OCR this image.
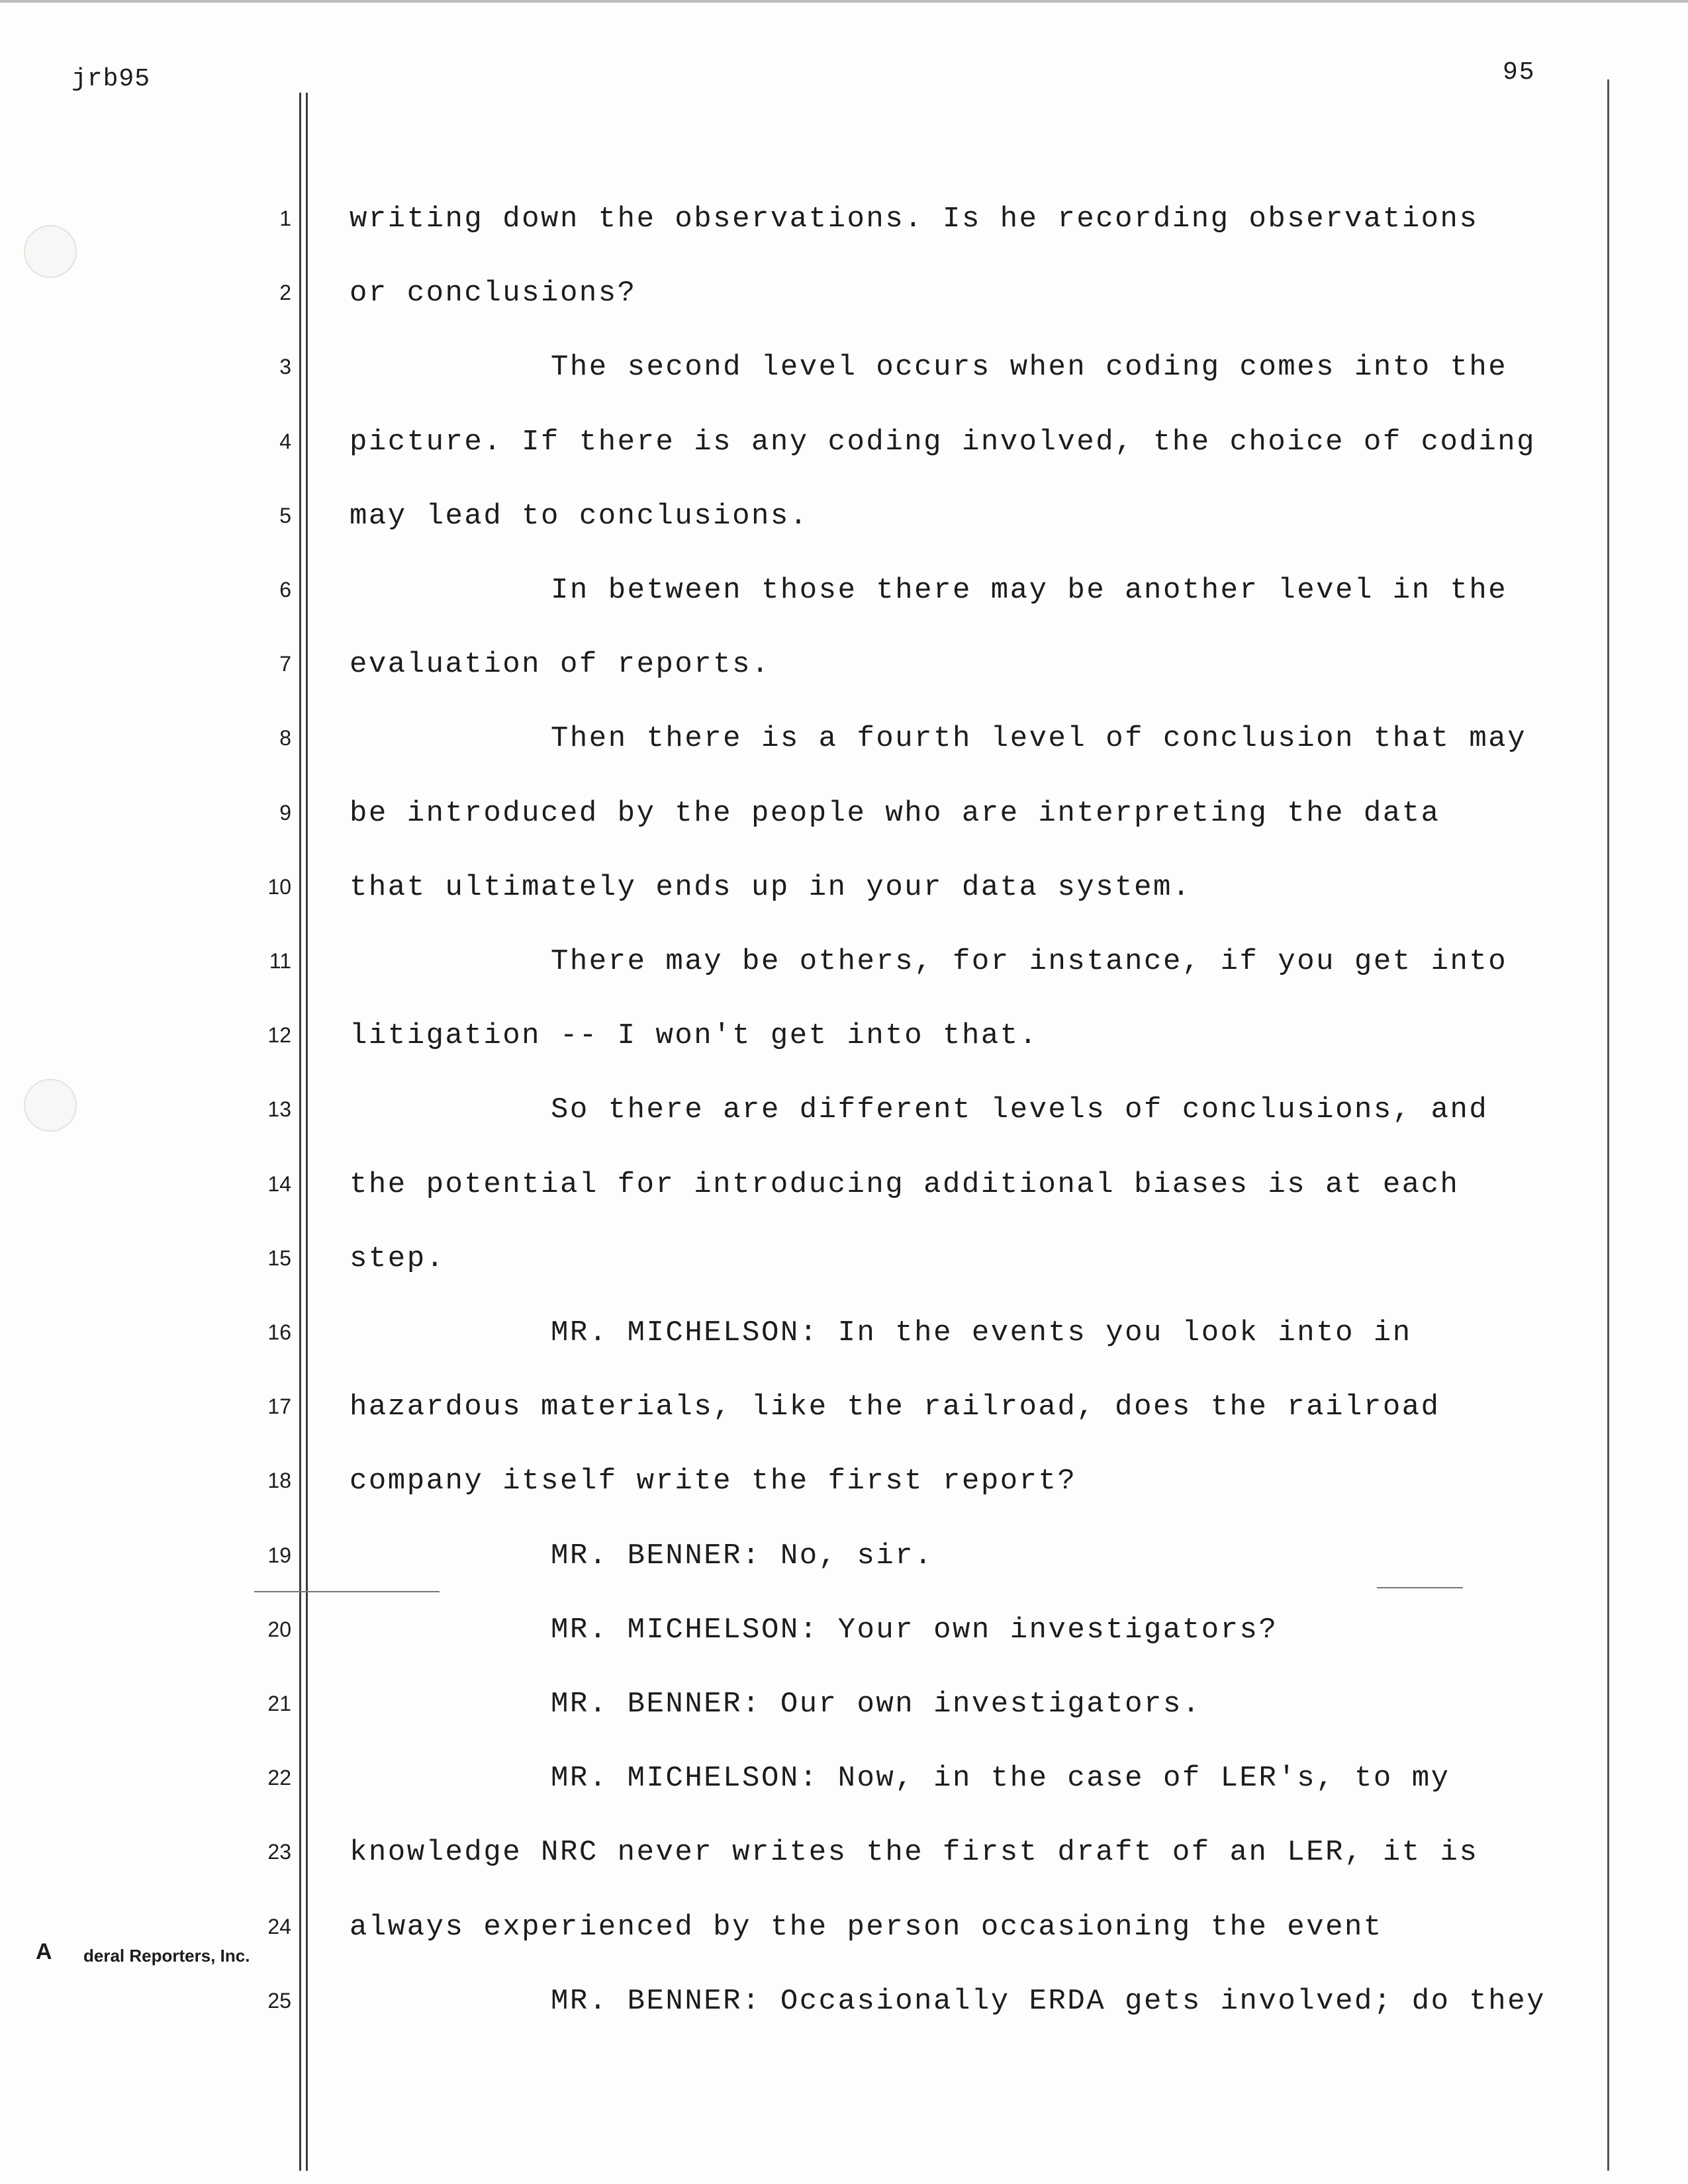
jrb95	95
1 writing down the observations. Is he recording observations
2 or conclusions?
3	The second level occurs when coding comes into the
4 picture. If there is any coding involved, the choice of coding
5 may lead to conclusions.
6	In between those there may be another level in the
7 evaluation of reports.
8	Then there is a fourth level of conclusion that may
9 be introduced by the people who are interpreting the data
10 that ultimately ends up in your data system.
11	There may be others, for instance, if you get into
12 litigation -- I won't get into that.
13	So there are different levels of conclusions, and
14 the potential for introducing additional biases is at each
15 step.
16	MR. MICHELSON: In the events you look into in
17 hazardous materials, like the railroad, does the railroad
18 company itself write the first report?
19	MR. BENNER: No, sir.
20	MR. MICHELSON: Your own investigators?
21	MR. BENNER: Our own investigators.
22	MR. MICHELSON: Now, in the case of LER's, to my
23 knowledge NRC never writes the first draft of an LER, it is
24 always experienced by the person occasioning the event
25	MR. BENNER: Occasionally ERDA gets involved; do they
A	deral Reporters, Inc.
